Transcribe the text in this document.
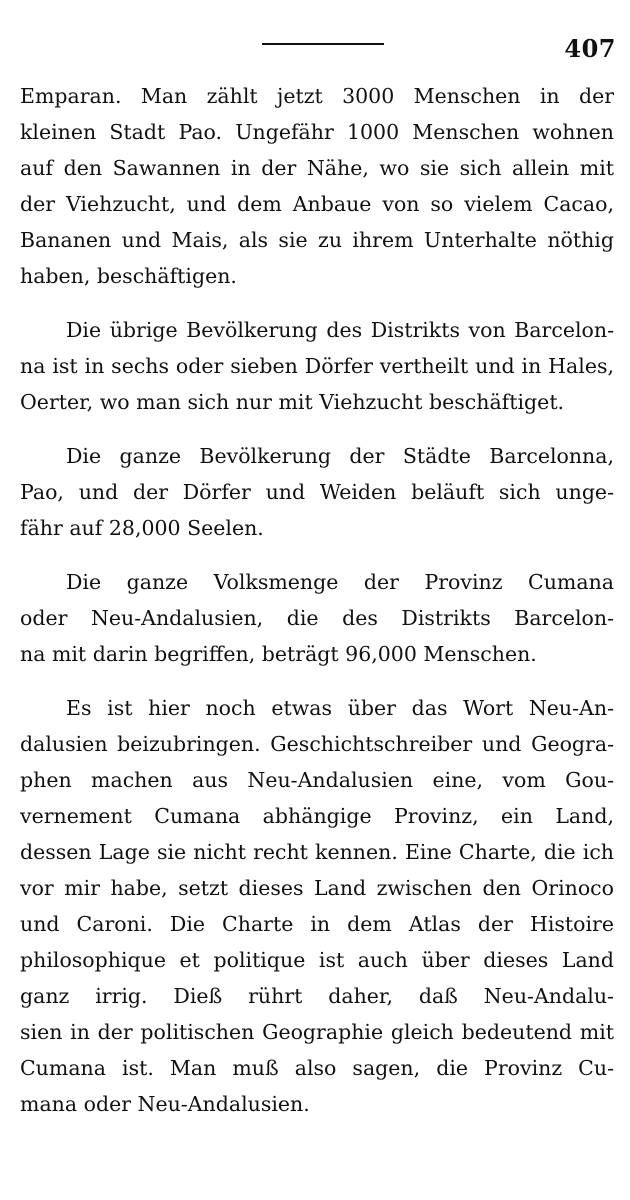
407
Emparan. Man zählt jetzt 3000 Menschen in der
kleinen Stadt Pao. Ungefähr 1000 Menschen wohnen
auf den Sawannen in der Nähe, wo sie sich allein mit
der Viehzucht, und dem Anbaue von so vielem Cacao,
Bananen und Mais, als sie zu ihrem Unterhalte nöthig
haben, beschäftigen.
Die übrige Bevölkerung des Distrikts von Barcelon-
na ist in sechs oder sieben Dörfer vertheilt und in Hales,
Oerter, wo man sich nur mit Viehzucht beschäftiget.
Die ganze Bevölkerung der Städte Barcelonna,
Pao, und der Dörfer und Weiden beläuft sich unge-
fähr auf 28,000 Seelen.
Die ganze Volksmenge der Provinz Cumana
oder Neu-Andalusien, die des Distrikts Barcelon-
na mit darin begriffen, beträgt 96,000 Menschen.
Es ist hier noch etwas über das Wort Neu-An-
dalusien beizubringen. Geschichtschreiber und Geogra-
phen machen aus Neu-Andalusien eine, vom Gou-
vernement Cumana abhängige Provinz, ein Land,
dessen Lage sie nicht recht kennen. Eine Charte, die ich
vor mir habe, setzt dieses Land zwischen den Orinoco
und Caroni. Die Charte in dem Atlas der Histoire
philosophique et politique ist auch über dieses Land
ganz irrig. Dieß rührt daher, daß Neu-Andalu-
sien in der politischen Geographie gleich bedeutend mit
Cumana ist. Man muß also sagen, die Provinz Cu-
mana oder Neu-Andalusien.
